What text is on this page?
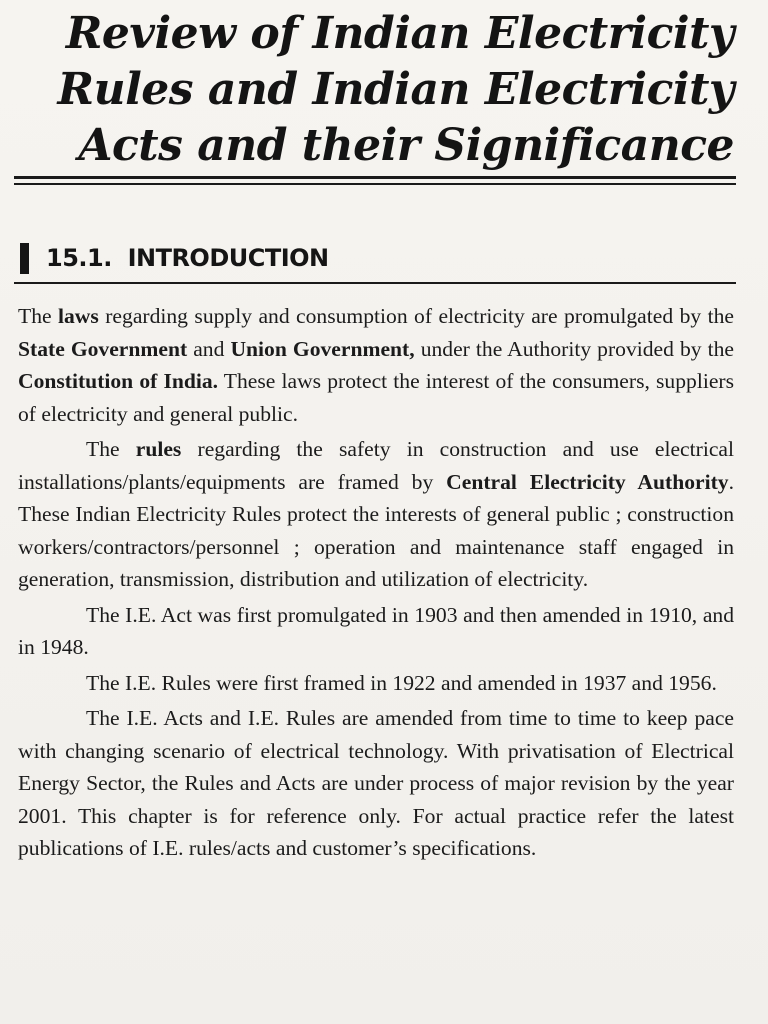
Review of Indian Electricity
Rules and Indian Electricity
Acts and their Significance
15.1. INTRODUCTION

The laws regarding supply and consumption of electricity are promulgated by the State Government and Union Government, under the Authority provided by the Constitution of India. These laws protect the interest of the consumers, suppliers of electricity and general public.

The rules regarding the safety in construction and use electrical installations/plants/equipments are framed by Central Electricity Authority. These Indian Electricity Rules protect the interests of general public ; construction workers/contractors/personnel ; operation and maintenance staff engaged in generation, transmission, distribution and utilization of electricity.

The I.E. Act was first promulgated in 1903 and then amended in 1910, and in 1948.

The I.E. Rules were first framed in 1922 and amended in 1937 and 1956.

The I.E. Acts and I.E. Rules are amended from time to time to keep pace with changing scenario of electrical technology. With privatisation of Electrical Energy Sector, the Rules and Acts are under process of major revision by the year 2001. This chapter is for reference only. For actual practice refer the latest publications of I.E. rules/acts and customer’s specifications.
